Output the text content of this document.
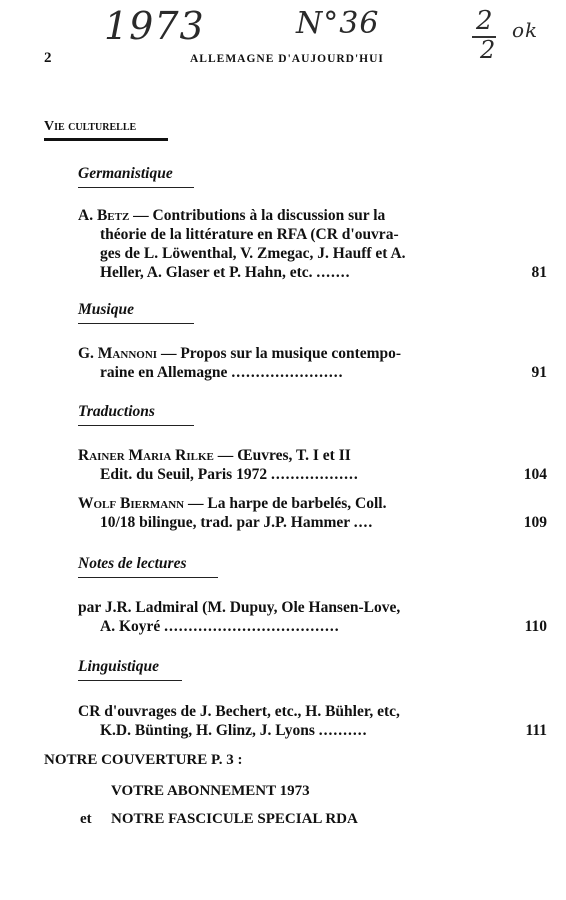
1973	N°36	2
2
ok
2	ALLEMAGNE D'AUJOURD'HUI
Vie culturelle
Germanistique
A. Betz — Contributions à la discussion sur la
théorie de la littérature en RFA (CR d'ouvra-
ges de L. Löwenthal, V. Zmegac, J. Hauff et A.
Heller, A. Glaser et P. Hahn, etc. .......	81
Musique
G. Mannoni — Propos sur la musique contempo-
raine en Allemagne .......................	91
Traductions
Rainer Maria Rilke — Œuvres, T. I et II
Edit. du Seuil, Paris 1972 ..................	104
Wolf Biermann — La harpe de barbelés, Coll.
10/18 bilingue, trad. par J.P. Hammer ....	109
Notes de lectures
par J.R. Ladmiral (M. Dupuy, Ole Hansen-Love,
A. Koyré ....................................	110
Linguistique
CR d'ouvrages de J. Bechert, etc., H. Bühler, etc,
K.D. Bünting, H. Glinz, J. Lyons ..........	111
NOTRE COUVERTURE P. 3 :
VOTRE ABONNEMENT 1973
et NOTRE FASCICULE SPECIAL RDA
